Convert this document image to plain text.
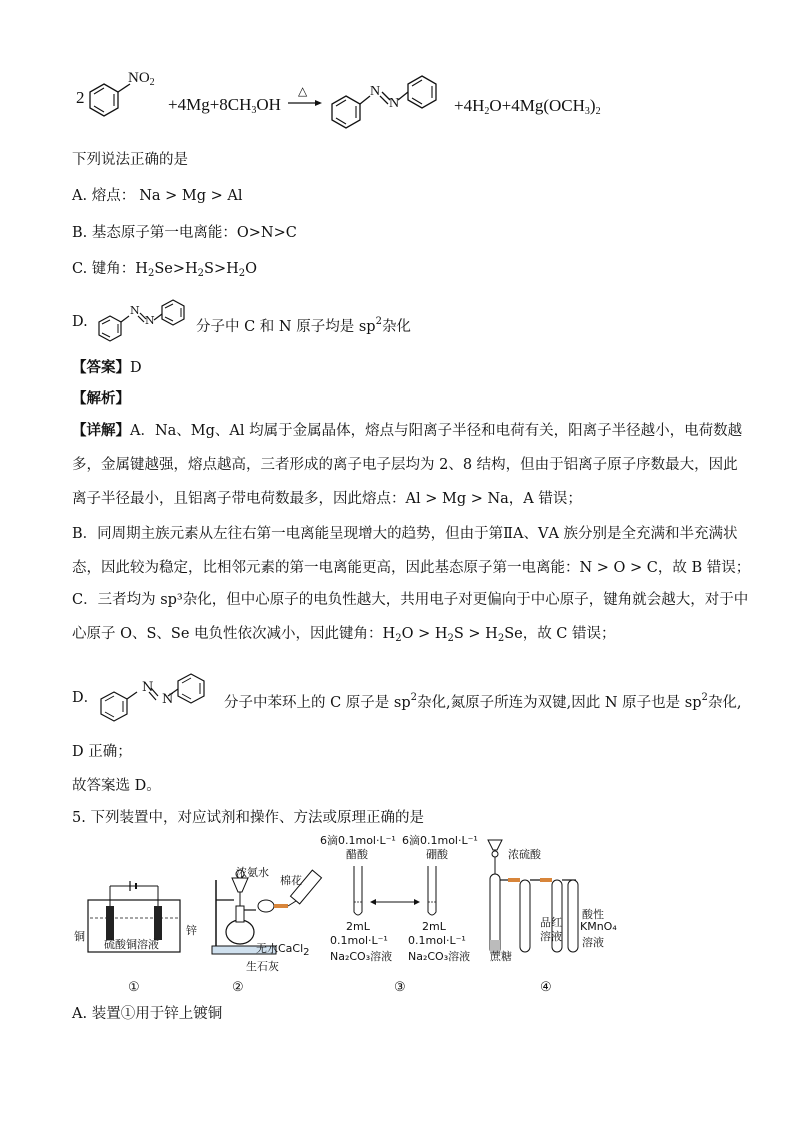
2
$NO_2$
$+4Mg+8CH_3OH$
△	N
N	$+4H_2O+4Mg(OCH_3)_2$
下列说法正确的是
A. 熔点： Na > Mg > Al
B. 基态原子第一电离能：O>N>C
C. 键角：$H_2Se>H_2S>H_2O$
D.
N
N	分子中 C 和 N 原子均是 $sp^2$杂化
【答案】D
【解析】
【详解】A．Na、Mg、Al 均属于金属晶体，熔点与阳离子半径和电荷有关，阳离子半径越小，电荷数越
多，金属键越强，熔点越高，三者形成的离子电子层均为 2、8 结构，但由于铝离子原子序数最大，因此
离子半径最小，且铝离子带电荷数最多，因此熔点：Al > Mg > Na，A 错误；
B．同周期主族元素从左往右第一电离能呈现增大的趋势，但由于第ⅡA、ⅤA 族分别是全充满和半充满状
态，因此较为稳定，比相邻元素的第一电离能更高，因此基态原子第一电离能：N > O > C，故 B 错误；
C．三者均为 sp³杂化，但中心原子的电负性越大，共用电子对更偏向于中心原子，键角就会越大，对于中
心原子 O、S、Se 电负性依次减小，因此键角：$H_2O > H_2S > H_2Se$，故 C 错误；
D．
N
N	分子中苯环上的 C 原子是 $sp^2$杂化,氮原子所连为双键,因此 N 原子也是 $sp^2$杂化,
D 正确；
故答案选 D。
5. 下列装置中，对应试剂和操作、方法或原理正确的是
铜	锌
硫酸铜溶液
①
浓氨水
棉花
无水CaCl2
生石灰
②
6滴0.1mol·L⁻¹
醋酸
6滴0.1mol·L⁻¹
硼酸
2mL
0.1mol·L⁻¹
Na₂CO₃溶液
2mL
0.1mol·L⁻¹
Na₂CO₃溶液
③
浓硫酸
蔗糖
品红
溶液
酸性
KMnO₄
溶液
④
A. 装置①用于锌上镀铜
